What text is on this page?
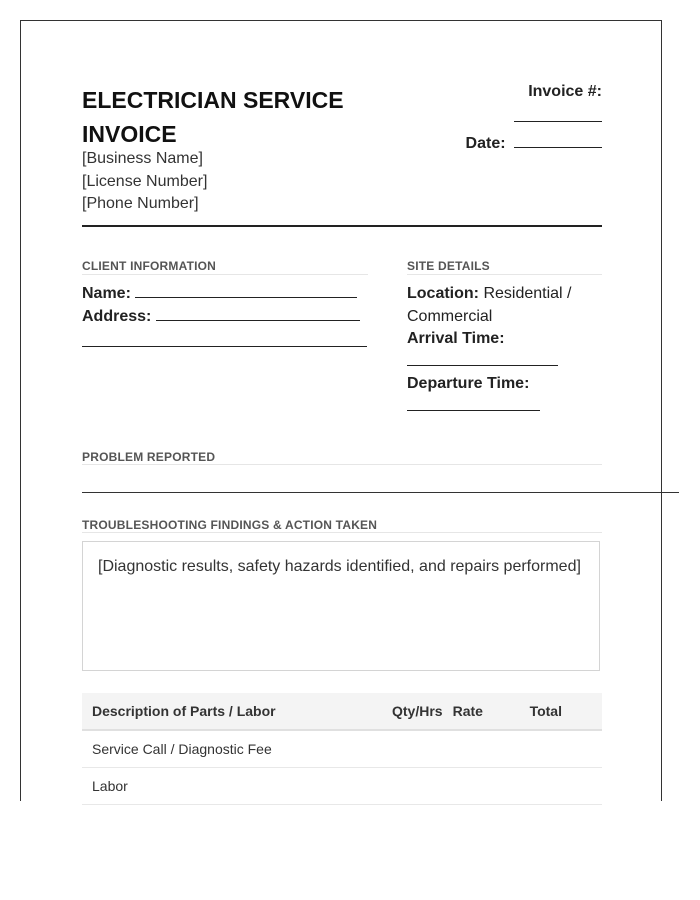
ELECTRICIAN SERVICE INVOICE
[Business Name]
[License Number]
[Phone Number]
Invoice #:
Date:
CLIENT INFORMATION
Name:
Address:
SITE DETAILS
Location: Residential / Commercial
Arrival Time:
Departure Time:
PROBLEM REPORTED
TROUBLESHOOTING FINDINGS & ACTION TAKEN
[Diagnostic results, safety hazards identified, and repairs performed]
Description of Parts / Labor	Qty/Hrs	Rate	Total
Service Call / Diagnostic Fee			
Labor			
